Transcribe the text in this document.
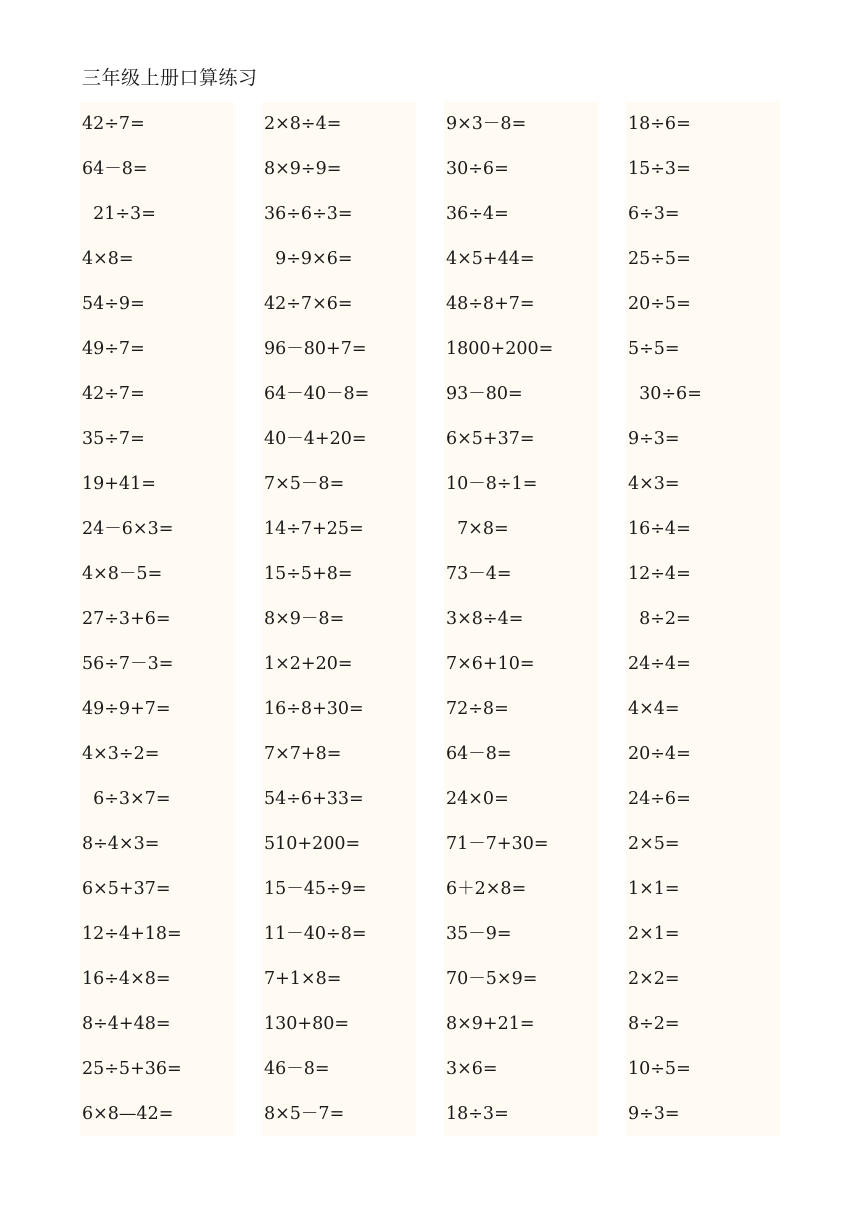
三年级上册口算练习
42÷7=
64－8=
21÷3=
4×8=
54÷9=
49÷7=
42÷7=
35÷7=
19+41=
24－6×3=
4×8－5=
27÷3+6=
56÷7－3=
49÷9+7=
4×3÷2=
6÷3×7=
8÷4×3=
6×5+37=
12÷4+18=
16÷4×8=
8÷4+48=
25÷5+36=
6×8—42=
2×8÷4=
8×9÷9=
36÷6÷3=
9÷9×6=
42÷7×6=
96－80+7=
64－40－8=
40－4+20=
7×5－8=
14÷7+25=
15÷5+8=
8×9－8=
1×2+20=
16÷8+30=
7×7+8=
54÷6+33=
510+200=
15－45÷9=
11－40÷8=
7+1×8=
130+80=
46－8=
8×5－7=
9×3－8=
30÷6=
36÷4=
4×5+44=
48÷8+7=
1800+200=
93－80=
6×5+37=
10－8÷1=
7×8=
73－4=
3×8÷4=
7×6+10=
72÷8=
64－8=
24×0=
71－7+30=
6＋2×8=
35－9=
70－5×9=
8×9+21=
3×6=
18÷3=
18÷6=
15÷3=
6÷3=
25÷5=
20÷5=
5÷5=
30÷6=
9÷3=
4×3=
16÷4=
12÷4=
8÷2=
24÷4=
4×4=
20÷4=
24÷6=
2×5=
1×1=
2×1=
2×2=
8÷2=
10÷5=
9÷3=
